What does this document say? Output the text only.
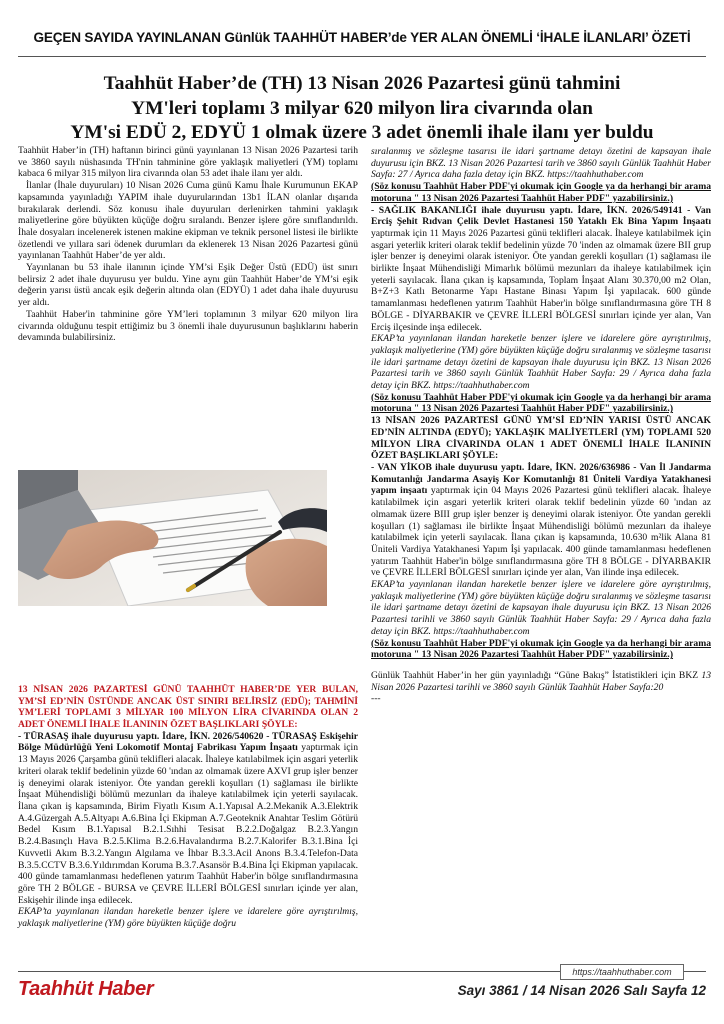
GEÇEN SAYIDA YAYINLANAN Günlük TAAHHÜT HABER’de YER ALAN ÖNEMLİ ‘İHALE İLANLARI’ ÖZETİ
Taahhüt Haber’de (TH) 13 Nisan 2026 Pazartesi günü tahmini
YM'leri toplamı 3 milyar 620 milyon lira civarında olan
YM'si EDÜ 2, EDYÜ 1 olmak üzere 3 adet önemli ihale ilanı yer buldu

Taahhüt Haber’in (TH) haftanın birinci günü yayınlanan 13 Nisan 2026 Pazartesi tarih ve 3860 sayılı nüshasında TH'nin tahminine göre yaklaşık maliyetleri (YM) toplamı kabaca 6 milyar 315 milyon lira civarında olan 53 adet ihale ilanı yer aldı.

İlanlar (İhale duyuruları) 10 Nisan 2026 Cuma günü Kamu İhale Kurumunun EKAP kapsamında yayınladığı YAPIM ihale duyurularından 13b1 İLAN olanlar dışarıda bırakılarak derlendi. Söz konusu ihale duyuruları derlenirken tahmini yaklaşık maliyetlerine göre büyükten küçüğe doğru sıralandı. Benzer işlere göre sınıflandırıldı. İhale dosyaları incelenerek istenen makine ekipman ve teknik personel listesi ile birlikte özetlendi ve yıllara sari ödenek durumları da eklenerek 13 Nisan 2026 Pazartesi günü yayınlanan Taahhüt Haber’de yer aldı.

Yayınlanan bu 53 ihale ilanının içinde YM’si Eşik Değer Üstü (EDÜ) üst sınırı belirsiz 2 adet ihale duyurusu yer buldu. Yine aynı gün Taahhüt Haber’de YM’si eşik değerin yarısı üstü ancak eşik değerin altında olan (EDYÜ) 1 adet daha ihale duyurusu yer aldı.

Taahhüt Haber'in tahminine göre YM’leri toplamının 3 milyar 620 milyon lira civarında olduğunu tespit ettiğimiz bu 3 önemli ihale duyurusunun başlıklarını haberin devamında bulabilirsiniz.

13 NİSAN 2026 PAZARTESİ GÜNÜ TAAHHÜT HABER’DE YER BULAN, YM’Sİ ED’NİN ÜSTÜNDE ANCAK ÜST SINIRI BELİRSİZ (EDÜ); TAHMİNİ YM’LERİ TOPLAMI 3 MİLYAR 100 MİLYON LİRA CİVARINDA OLAN 2 ADET ÖNEMLİ İHALE İLANININ ÖZET BAŞLIKLARI ŞÖYLE:

- TÜRASAŞ ihale duyurusu yaptı. İdare, İKN. 2026/540620 - TÜRASAŞ Eskişehir Bölge Müdürlüğü Yeni Lokomotif Montaj Fabrikası Yapım İnşaatı yaptırmak için 13 Mayıs 2026 Çarşamba günü teklifleri alacak. İhaleye katılabilmek için asgari yeterlik kriteri olarak teklif bedelinin yüzde 60 'ından az olmamak üzere AXVI grup işler benzer iş deneyimi olarak isteniyor. Öte yandan gerekli koşulları (1) sağlaması ile birlikte İnşaat Mühendisliği bölümü mezunları da ihaleye katılabilmek için yeterli sayılacak. İlana çıkan iş kapsamında, Birim Fiyatlı Kısım A.1.Yapısal A.2.Mekanik A.3.Elektrik A.4.Güzergah A.5.Altyapı A.6.Bina İçi Ekipman A.7.Geoteknik Anahtar Teslim Götürü Bedel Kısım B.1.Yapısal B.2.1.Sıhhi Tesisat B.2.2.Doğalgaz B.2.3.Yangın B.2.4.Basınçlı Hava B.2.5.Klima B.2.6.Havalandırma B.2.7.Kalorifer B.3.1.Bina İçi Kuvvetli Akım B.3.2.Yangın Algılama ve İhbar B.3.3.Acil Anons B.3.4.Telefon-Data B.3.5.CCTV B.3.6.Yıldırımdan Koruma B.3.7.Asansör B.4.Bina İçi Ekipman yapılacak. 400 günde tamamlanması hedeflenen yatırım Taahhüt Haber'in bölge sınıflandırmasına göre TH 2 BÖLGE - BURSA ve ÇEVRE İLLERİ BÖLGESİ sınırları içinde yer alan, Eskişehir ilinde inşa edilecek.

EKAP’ta yayınlanan ilandan hareketle benzer işlere ve idarelere göre ayrıştırılmış, yaklaşık maliyetlerine (YM) göre büyükten küçüğe doğru

sıralanmış ve sözleşme tasarısı ile idari şartname detayı özetini de kapsayan ihale duyurusu için BKZ. 13 Nisan 2026 Pazartesi tarih ve 3860 sayılı Günlük Taahhüt Haber Sayfa: 27 / Ayrıca daha fazla detay için BKZ. https://taahhuthaber.com

(Söz konusu Taahhüt Haber PDF'yi okumak için Google ya da herhangi bir arama motoruna " 13 Nisan 2026 Pazartesi Taahhüt Haber PDF" yazabilirsiniz.)

- SAĞLIK BAKANLIĞI ihale duyurusu yaptı. İdare, İKN. 2026/549141 - Van Erciş Şehit Rıdvan Çelik Devlet Hastanesi 150 Yataklı Ek Bina Yapım İnşaatı yaptırmak için 11 Mayıs 2026 Pazartesi günü teklifleri alacak. İhaleye katılabilmek için asgari yeterlik kriteri olarak teklif bedelinin yüzde 70 'inden az olmamak üzere BII grup işler benzer iş deneyimi olarak isteniyor. Öte yandan gerekli koşulları (1) sağlaması ile birlikte İnşaat Mühendisliği Mimarlık bölümü mezunları da ihaleye katılabilmek için yeterli sayılacak. İlana çıkan iş kapsamında, Toplam İnşaat Alanı 30.370,00 m2 Olan, B+Z+3 Katlı Betonarme Yapı Hastane Binası Yapım İşi yapılacak. 600 günde tamamlanması hedeflenen yatırım Taahhüt Haber'in bölge sınıflandırmasına göre TH 8 BÖLGE - DİYARBAKIR ve ÇEVRE İLLERİ BÖLGESİ sınırları içinde yer alan, Van Erciş ilçesinde inşa edilecek.

EKAP’ta yayınlanan ilandan hareketle benzer işlere ve idarelere göre ayrıştırılmış, yaklaşık maliyetlerine (YM) göre büyükten küçüğe doğru sıralanmış ve sözleşme tasarısı ile idari şartname detayı özetini de kapsayan ihale duyurusu için BKZ. 13 Nisan 2026 Pazartesi tarih ve 3860 sayılı Günlük Taahhüt Haber Sayfa: 29 / Ayrıca daha fazla detay için BKZ. https://taahhuthaber.com

(Söz konusu Taahhüt Haber PDF'yi okumak için Google ya da herhangi bir arama motoruna " 13 Nisan 2026 Pazartesi Taahhüt Haber PDF" yazabilirsiniz.)

13 NİSAN 2026 PAZARTESİ GÜNÜ YM’Sİ ED’NİN YARISI ÜSTÜ ANCAK ED’NİN ALTINDA (EDYÜ); YAKLAŞIK MALİYETLERİ (YM) TOPLAMI 520 MİLYON LİRA CİVARINDA OLAN 1 ADET ÖNEMLİ İHALE İLANININ ÖZET BAŞLIKLARI ŞÖYLE:

- VAN YİKOB ihale duyurusu yaptı. İdare, İKN. 2026/636986 - Van İl Jandarma Komutanlığı Jandarma Asayiş Kor Komutanlığı 81 Üniteli Vardiya Yatakhanesi yapım inşaatı yaptırmak için 04 Mayıs 2026 Pazartesi günü teklifleri alacak. İhaleye katılabilmek için asgari yeterlik kriteri olarak teklif bedelinin yüzde 60 'ından az olmamak üzere BIII grup işler benzer iş deneyimi olarak isteniyor. Öte yandan gerekli koşulları (1) sağlaması ile birlikte İnşaat Mühendisliği bölümü mezunları da ihaleye katılabilmek için yeterli sayılacak. İlana çıkan iş kapsamında, 10.630 m²lik Alana 81 Üniteli Vardiya Yatakhanesi Yapım İşi yapılacak. 400 günde tamamlanması hedeflenen yatırım Taahhüt Haber'in bölge sınıflandırmasına göre TH 8 BÖLGE - DİYARBAKIR ve ÇEVRE İLLERİ BÖLGESİ sınırları içinde yer alan, Van ilinde inşa edilecek.

EKAP’ta yayınlanan ilandan hareketle benzer işlere ve idarelere göre ayrıştırılmış, yaklaşık maliyetlerine (YM) göre büyükten küçüğe doğru sıralanmış ve sözleşme tasarısı ile idari şartname detayı özetini de kapsayan ihale duyurusu için BKZ. 13 Nisan 2026 Pazartesi tarihli ve 3860 sayılı Günlük Taahhüt Haber Sayfa: 29 / Ayrıca daha fazla detay için BKZ. https://taahhuthaber.com

(Söz konusu Taahhüt Haber PDF'yi okumak için Google ya da herhangi bir arama motoruna " 13 Nisan 2026 Pazartesi Taahhüt Haber PDF" yazabilirsiniz.)

Günlük Taahhüt Haber’in her gün yayınladığı “Güne Bakış” İstatistikleri için BKZ 13 Nisan 2026 Pazartesi tarihli ve 3860 sayılı Günlük Taahhüt Haber Sayfa:20

---

https://taahhuthaber.com
Taahhüt Haber	Sayı 3861 / 14 Nisan 2026 Salı Sayfa 12
